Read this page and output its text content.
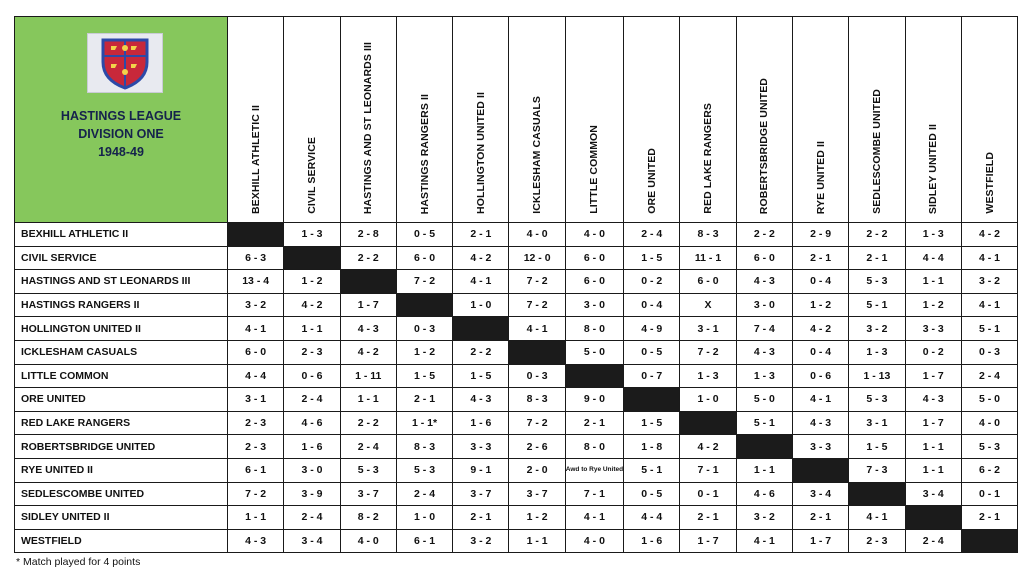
HASTINGS LEAGUE
DIVISION ONE
1948-49	BEXHILL ATHLETIC II	CIVIL SERVICE	HASTINGS AND ST LEONARDS III	HASTINGS RANGERS II	HOLLINGTON UNITED II	ICKLESHAM CASUALS	LITTLE COMMON	ORE UNITED	RED LAKE RANGERS	ROBERTSBRIDGE UNITED	RYE UNITED II	SEDLESCOMBE UNITED	SIDLEY UNITED II	WESTFIELD

BEXHILL ATHLETIC II		1 - 3	2 - 8	0 - 5	2 - 1	4 - 0	4 - 0	2 - 4	8 - 3	2 - 2	2 - 9	2 - 2	1 - 3	4 - 2
CIVIL SERVICE	6 - 3		2 - 2	6 - 0	4 - 2	12 - 0	6 - 0	1 - 5	11 - 1	6 - 0	2 - 1	2 - 1	4 - 4	4 - 1
HASTINGS AND ST LEONARDS III	13 - 4	1 - 2		7 - 2	4 - 1	7 - 2	6 - 0	0 - 2	6 - 0	4 - 3	0 - 4	5 - 3	1 - 1	3 - 2
HASTINGS RANGERS II	3 - 2	4 - 2	1 - 7		1 - 0	7 - 2	3 - 0	0 - 4	X	3 - 0	1 - 2	5 - 1	1 - 2	4 - 1
HOLLINGTON UNITED II	4 - 1	1 - 1	4 - 3	0 - 3		4 - 1	8 - 0	4 - 9	3 - 1	7 - 4	4 - 2	3 - 2	3 - 3	5 - 1
ICKLESHAM CASUALS	6 - 0	2 - 3	4 - 2	1 - 2	2 - 2		5 - 0	0 - 5	7 - 2	4 - 3	0 - 4	1 - 3	0 - 2	0 - 3
LITTLE COMMON	4 - 4	0 - 6	1 - 11	1 - 5	1 - 5	0 - 3		0 - 7	1 - 3	1 - 3	0 - 6	1 - 13	1 - 7	2 - 4
ORE UNITED	3 - 1	2 - 4	1 - 1	2 - 1	4 - 3	8 - 3	9 - 0		1 - 0	5 - 0	4 - 1	5 - 3	4 - 3	5 - 0
RED LAKE RANGERS	2 - 3	4 - 6	2 - 2	1 - 1*	1 - 6	7 - 2	2 - 1	1 - 5		5 - 1	4 - 3	3 - 1	1 - 7	4 - 0
ROBERTSBRIDGE UNITED	2 - 3	1 - 6	2 - 4	8 - 3	3 - 3	2 - 6	8 - 0	1 - 8	4 - 2		3 - 3	1 - 5	1 - 1	5 - 3
RYE UNITED II	6 - 1	3 - 0	5 - 3	5 - 3	9 - 1	2 - 0	Awd to Rye United	5 - 1	7 - 1	1 - 1		7 - 3	1 - 1	6 - 2
SEDLESCOMBE UNITED	7 - 2	3 - 9	3 - 7	2 - 4	3 - 7	3 - 7	7 - 1	0 - 5	0 - 1	4 - 6	3 - 4		3 - 4	0 - 1
SIDLEY UNITED II	1 - 1	2 - 4	8 - 2	1 - 0	2 - 1	1 - 2	4 - 1	4 - 4	2 - 1	3 - 2	2 - 1	4 - 1		2 - 1
WESTFIELD	4 - 3	3 - 4	4 - 0	6 - 1	3 - 2	1 - 1	4 - 0	1 - 6	1 - 7	4 - 1	1 - 7	2 - 3	2 - 4	
* Match played for 4 points
